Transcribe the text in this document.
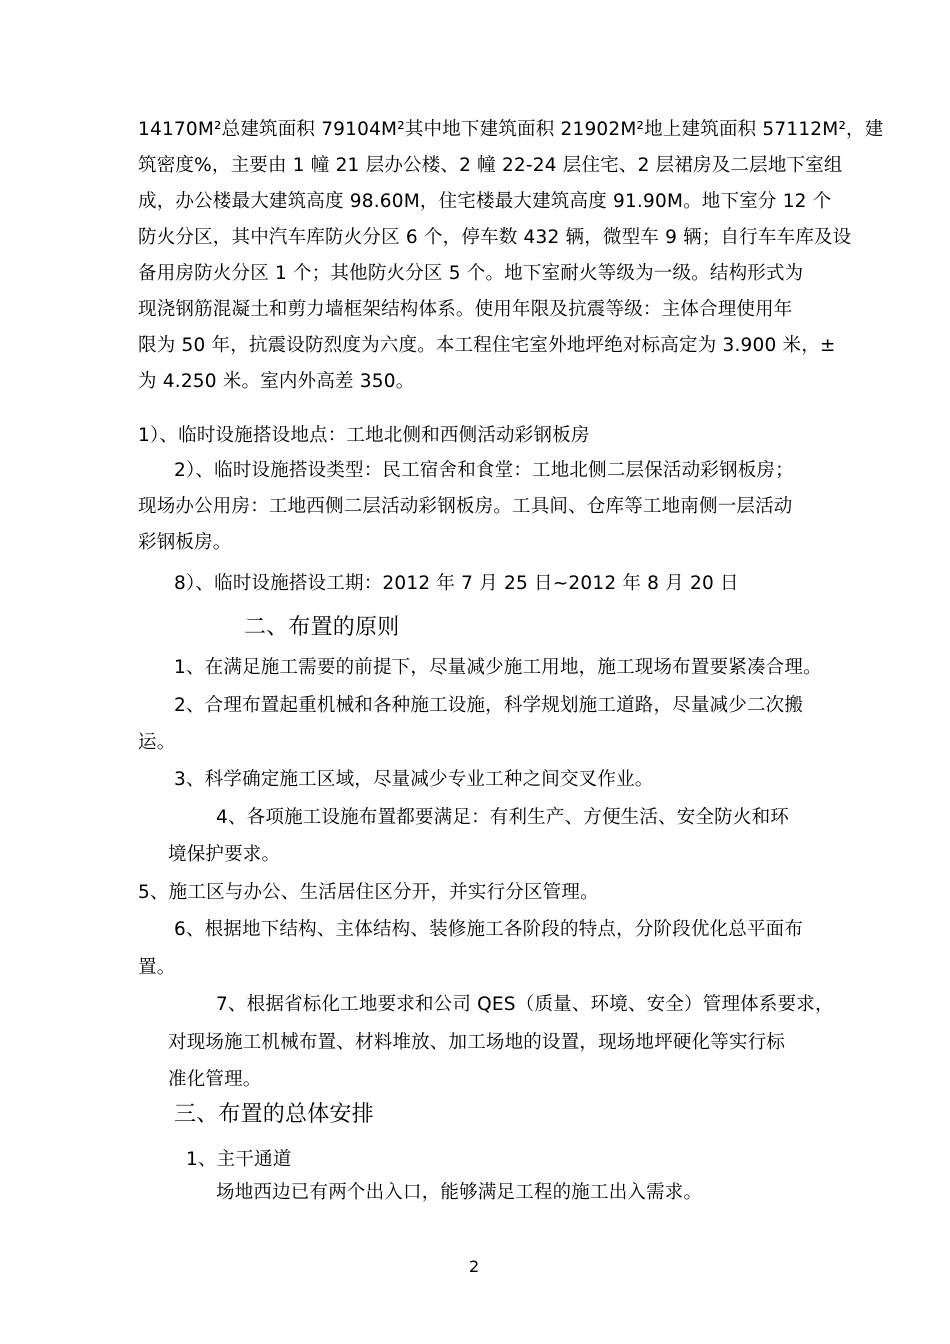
14170M²总建筑面积 79104M²其中地下建筑面积 21902M²地上建筑面积 57112M²，建
筑密度%，主要由 1 幢 21 层办公楼、2 幢 22-24 层住宅、2 层裙房及二层地下室组
成，办公楼最大建筑高度 98.60M，住宅楼最大建筑高度 91.90M。地下室分 12 个
防火分区，其中汽车库防火分区 6 个，停车数 432 辆，微型车 9 辆；自行车车库及设
备用房防火分区 1 个；其他防火分区 5 个。地下室耐火等级为一级。结构形式为
现浇钢筋混凝土和剪力墙框架结构体系。使用年限及抗震等级：主体合理使用年
限为 50 年，抗震设防烈度为六度。本工程住宅室外地坪绝对标高定为 3.900 米，±
为 4.250 米。室内外高差 350。
1）、临时设施搭设地点：工地北侧和西侧活动彩钢板房
2）、临时设施搭设类型：民工宿舍和食堂：工地北侧二层保活动彩钢板房；
现场办公用房：工地西侧二层活动彩钢板房。工具间、仓库等工地南侧一层活动
彩钢板房。
8）、临时设施搭设工期：2012 年 7 月 25 日~2012 年 8 月 20 日
二、布置的原则
1、在满足施工需要的前提下，尽量减少施工用地，施工现场布置要紧凑合理。
2、合理布置起重机械和各种施工设施，科学规划施工道路，尽量减少二次搬
运。
3、科学确定施工区域，尽量减少专业工种之间交叉作业。
4、各项施工设施布置都要满足：有利生产、方便生活、安全防火和环
境保护要求。
5、施工区与办公、生活居住区分开，并实行分区管理。
6、根据地下结构、主体结构、装修施工各阶段的特点，分阶段优化总平面布
置。
7、根据省标化工地要求和公司 QES（质量、环境、安全）管理体系要求，
对现场施工机械布置、材料堆放、加工场地的设置，现场地坪硬化等实行标
准化管理。
三、布置的总体安排
1、主干通道
场地西边已有两个出入口，能够满足工程的施工出入需求。
2
